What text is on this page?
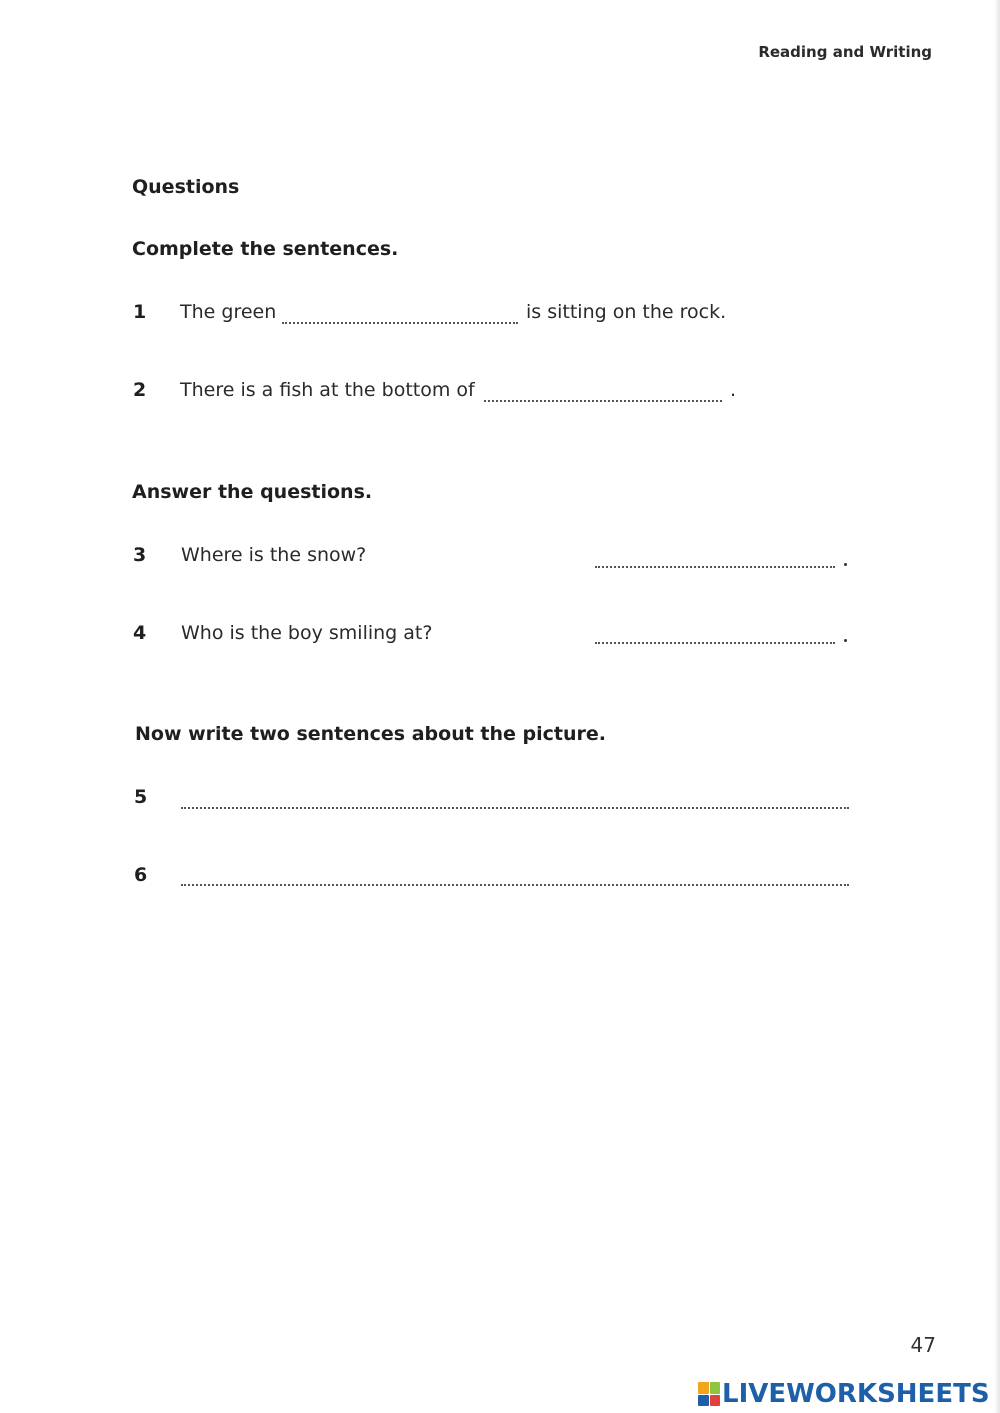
Reading and Writing
Questions
Complete the sentences.
1 The green	is sitting on the rock.
2 There is a fish at the bottom of	.
Answer the questions.
3 Where is the snow?
4 Who is the boy smiling at?
Now write two sentences about the picture.
5
6
47
LIVEWORKSHEETS
